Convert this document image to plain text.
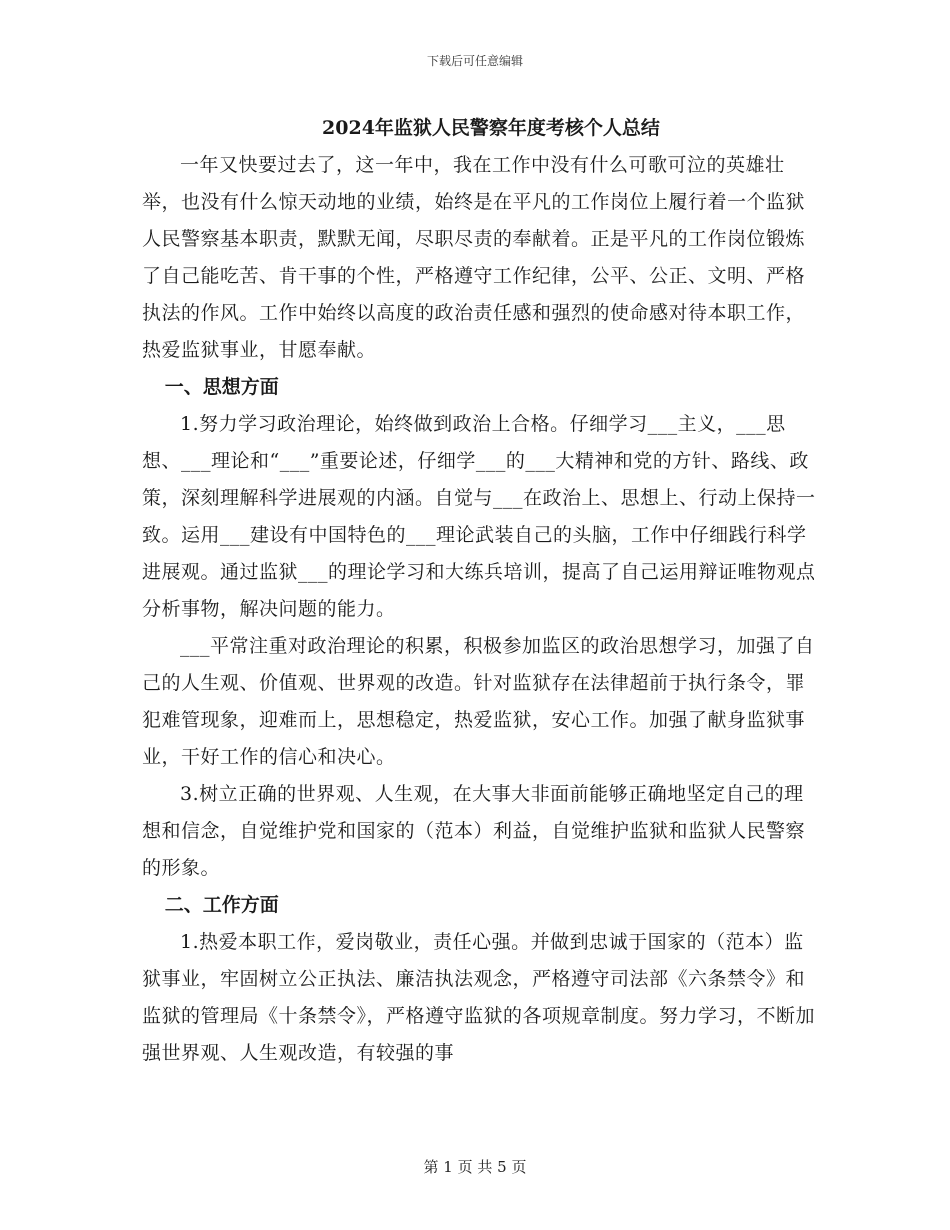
下载后可任意编辑
2024年监狱人民警察年度考核个人总结

一年又快要过去了，这一年中，我在工作中没有什么可歌可泣的英雄壮举，也没有什么惊天动地的业绩，始终是在平凡的工作岗位上履行着一个监狱人民警察基本职责，默默无闻，尽职尽责的奉献着。正是平凡的工作岗位锻炼了自己能吃苦、肯干事的个性，严格遵守工作纪律，公平、公正、文明、严格执法的作风。工作中始终以高度的政治责任感和强烈的使命感对待本职工作，热爱监狱事业，甘愿奉献。

一、思想方面

1.努力学习政治理论，始终做到政治上合格。仔细学习___主义，___思想、___理论和“___”重要论述，仔细学___的___大精神和党的方针、路线、政策，深刻理解科学进展观的内涵。自觉与___在政治上、思想上、行动上保持一致。运用___建设有中国特色的___理论武装自己的头脑，工作中仔细践行科学进展观。通过监狱___的理论学习和大练兵培训，提高了自己运用辩证唯物观点分析事物，解决问题的能力。

___平常注重对政治理论的积累，积极参加监区的政治思想学习，加强了自己的人生观、价值观、世界观的改造。针对监狱存在法律超前于执行条令，罪犯难管现象，迎难而上，思想稳定，热爱监狱，安心工作。加强了献身监狱事业，干好工作的信心和决心。

3.树立正确的世界观、人生观，在大事大非面前能够正确地坚定自己的理想和信念，自觉维护党和国家的（范本）利益，自觉维护监狱和监狱人民警察的形象。

二、工作方面

1.热爱本职工作，爱岗敬业，责任心强。并做到忠诚于国家的（范本）监狱事业，牢固树立公正执法、廉洁执法观念，严格遵守司法部《六条禁令》和监狱的管理局《十条禁令》，严格遵守监狱的各项规章制度。努力学习，不断加强世界观、人生观改造，有较强的事

第 1 页 共 5 页
